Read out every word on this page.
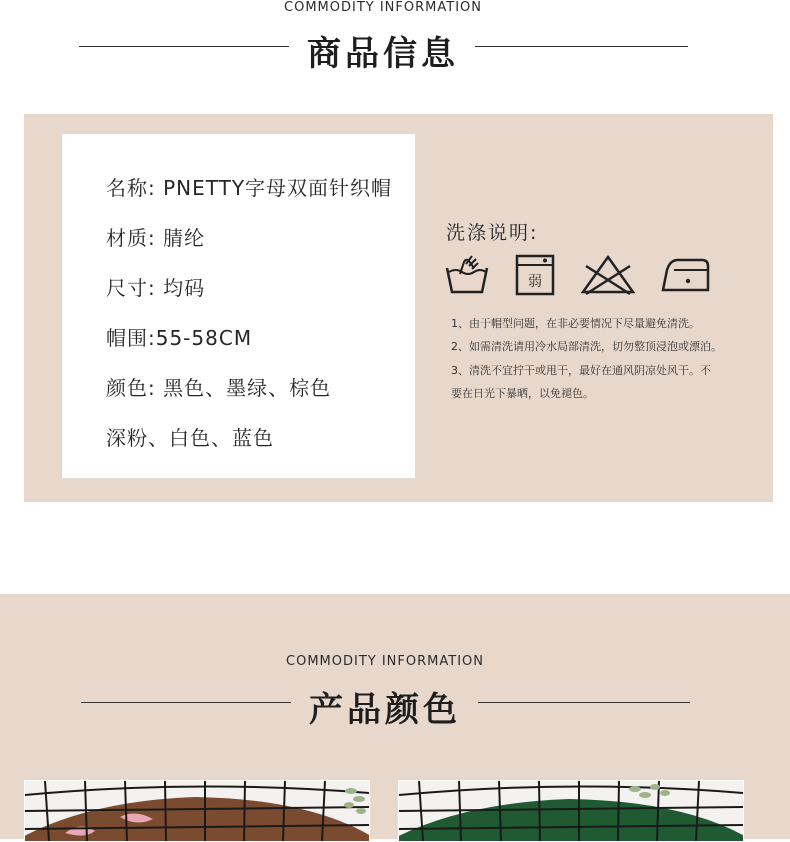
COMMODITY INFORMATION
商品信息
名称: PNETTY字母双面针织帽
材质: 腈纶
尺寸: 均码
帽围:55-58CM
颜色: 黑色、墨绿、棕色
深粉、白色、蓝色
洗涤说明:
弱
1、由于帽型问题，在非必要情况下尽量避免清洗。
2、如需清洗请用冷水局部清洗，切勿整顶浸泡或漂泊。
3、清洗不宜拧干或甩干，最好在通风阴凉处风干。不
要在日光下暴晒，以免褪色。
COMMODITY INFORMATION
产品颜色
